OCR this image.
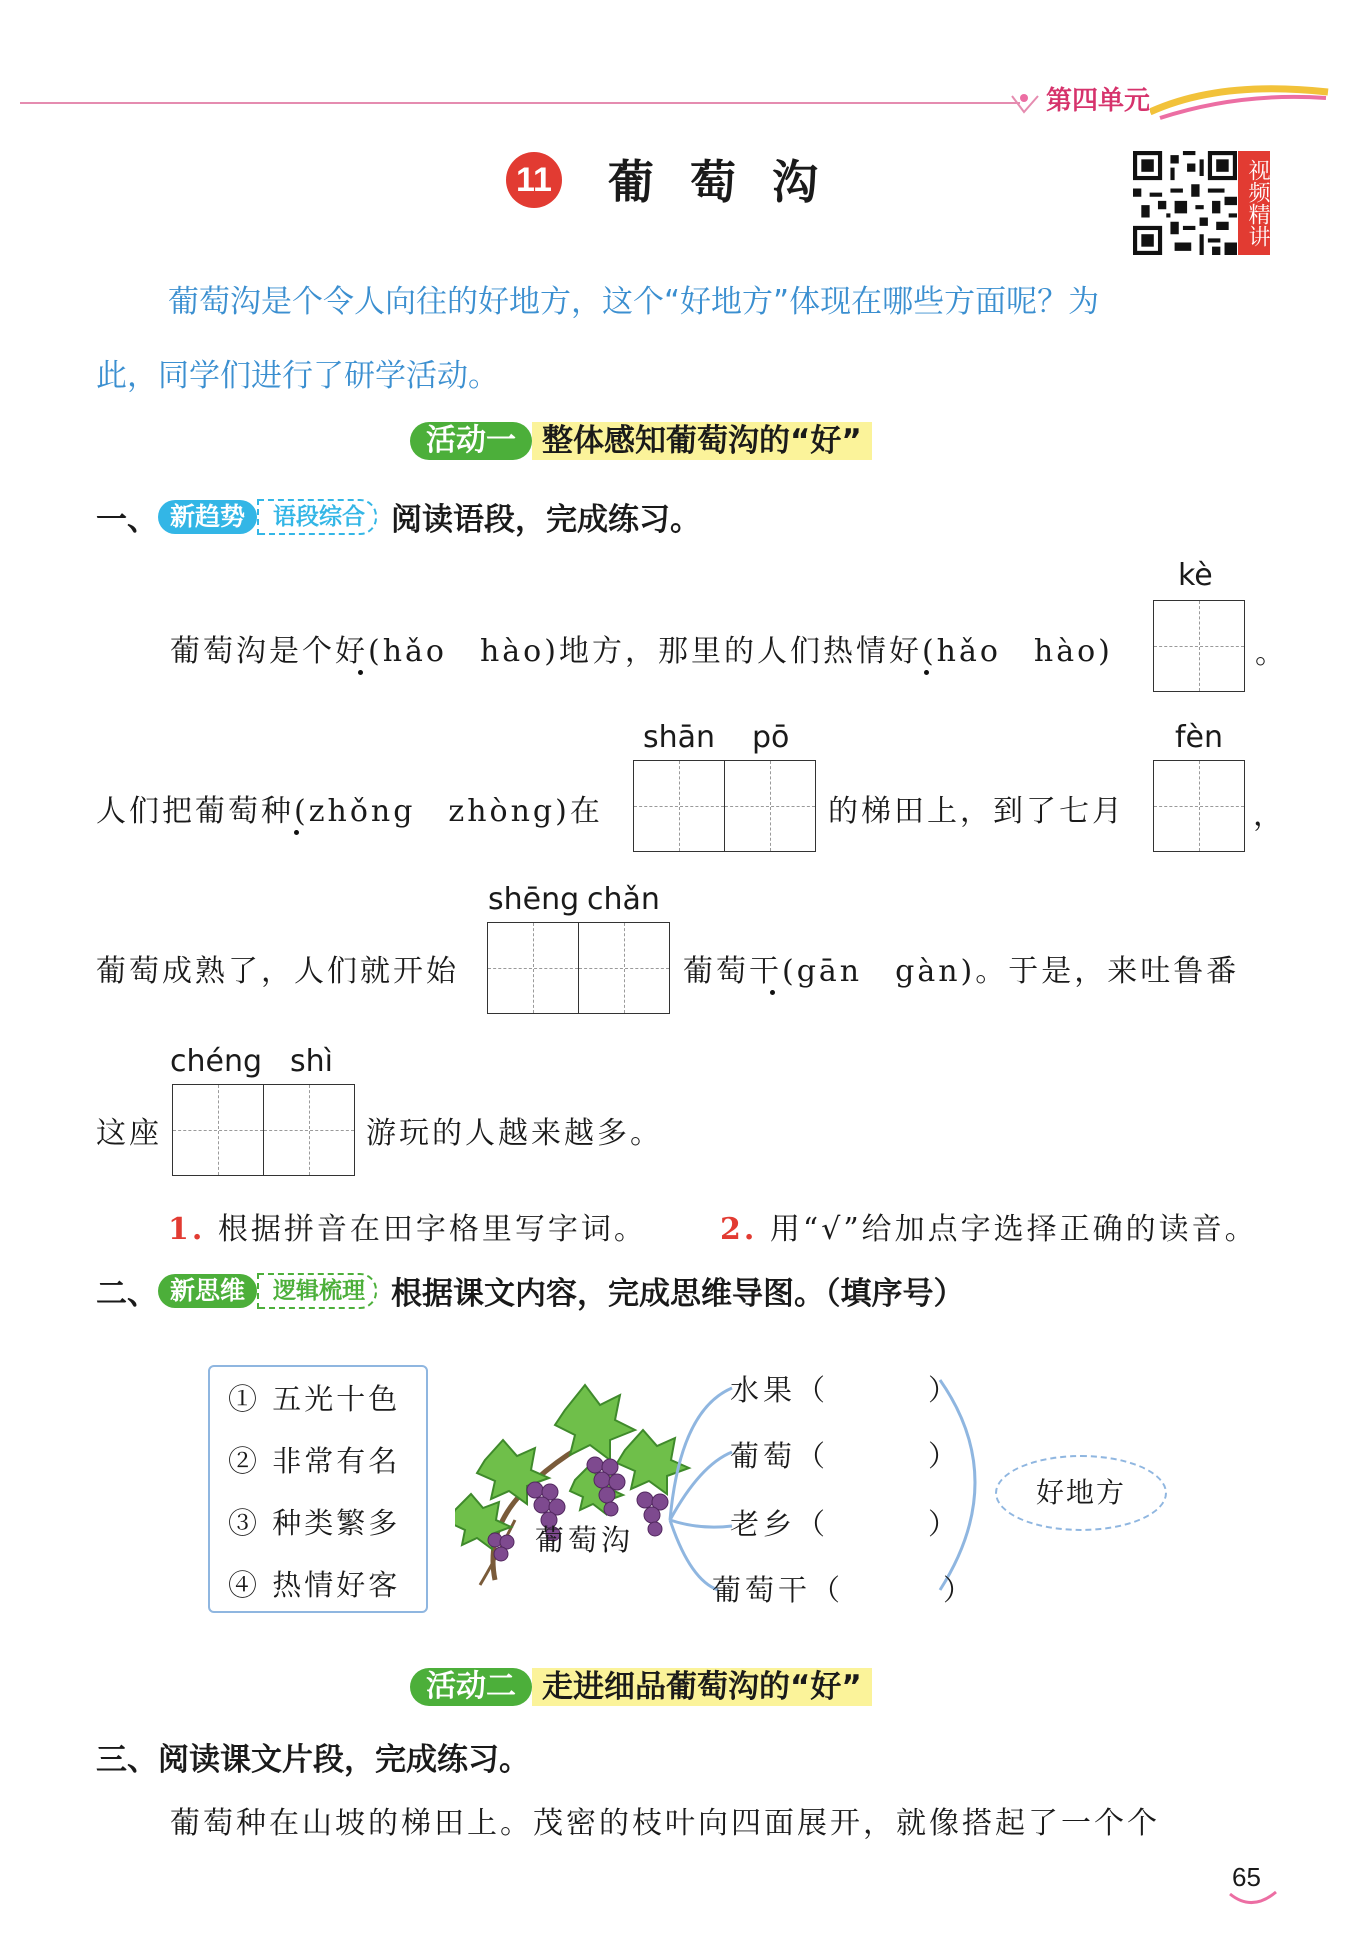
第四单元
11 葡萄沟	视频精讲
葡萄沟是个令人向往的好地方，这个“好地方”体现在哪些方面呢？为
此，同学们进行了研学活动。
活动一 整体感知葡萄沟的“好”
一、 新趋势	语段综合 阅读语段，完成练习。
葡萄沟是个好(hǎo　hào)地方，那里的人们热情好(hǎo　hào)
kè
。
shān pō	fèn
人们把葡萄种(zhǒng　zhòng)在	的梯田上，到了七月	，
shēng chǎn
葡萄成熟了，人们就开始	葡萄干(gān　gàn)。于是，来吐鲁番
chéng shì
这座	游玩的人越来越多。
1. 根据拼音在田字格里写字词。 2. 用“√”给加点字选择正确的读音。
二、 新思维	逻辑梳理 根据课文内容，完成思维导图。（填序号）
① 五光十色
② 非常有名
③ 种类繁多
④ 热情好客
葡萄沟
水果（　　　）
葡萄（　　　）
老乡（　　　）
葡萄干（　　　）
好地方
活动二 走进细品葡萄沟的“好”
三、阅读课文片段，完成练习。
葡萄种在山坡的梯田上。茂密的枝叶向四面展开，就像搭起了一个个
65
